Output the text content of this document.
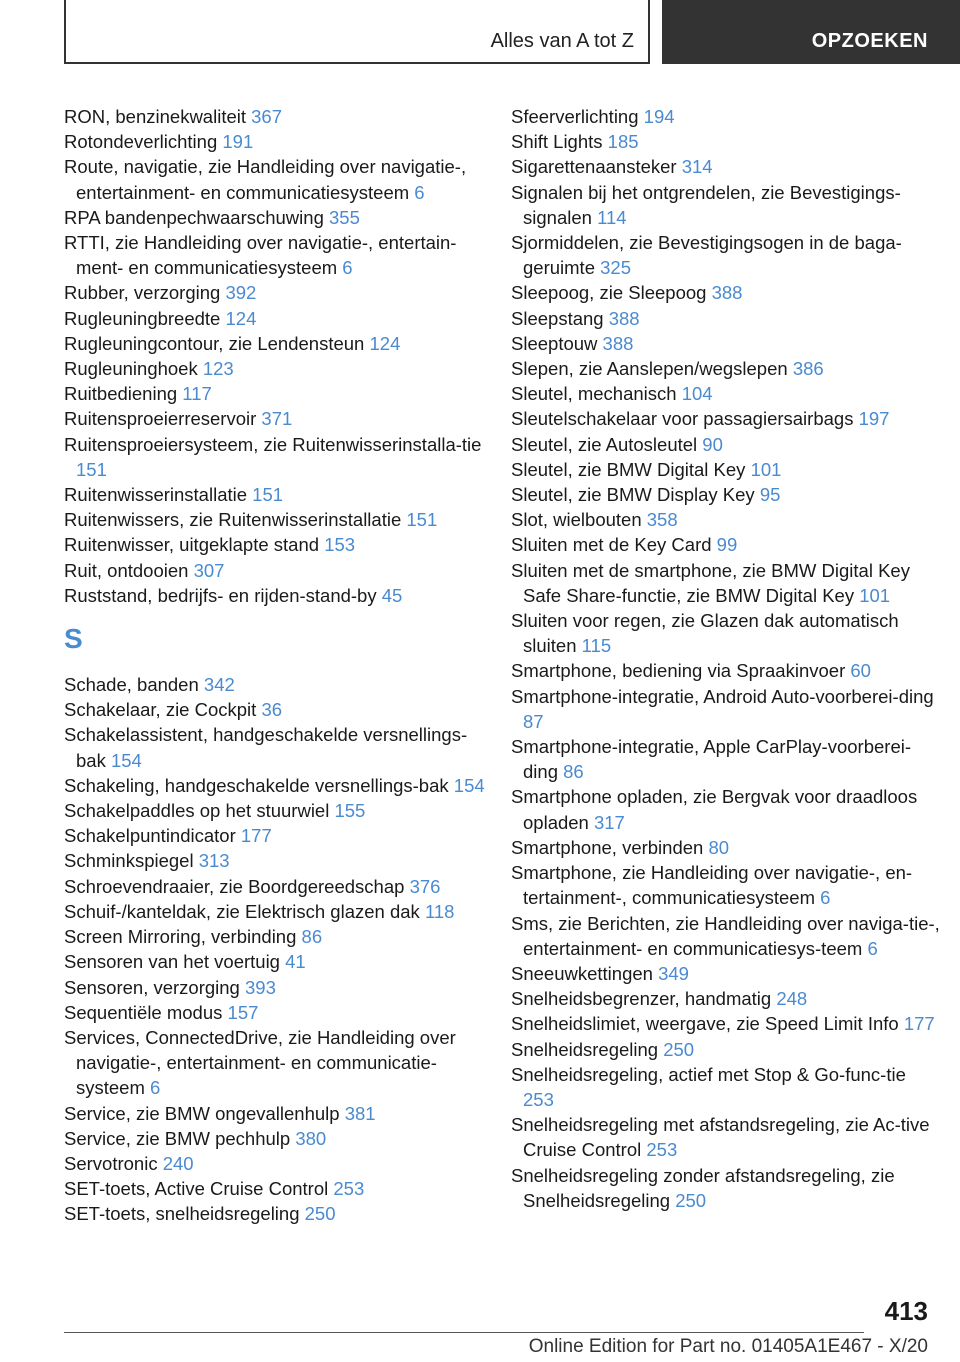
Alles van A tot Z	OPZOEKEN
RON, benzinekwaliteit 367
Rotondeverlichting 191
Route, navigatie, zie Handleiding over navigatie-, entertainment- en communicatiesysteem 6
RPA bandenpechwaarschuwing 355
RTTI, zie Handleiding over navigatie-, entertain‐ment- en communicatiesysteem 6
Rubber, verzorging 392
Rugleuningbreedte 124
Rugleuningcontour, zie Lendensteun 124
Rugleuninghoek 123
Ruitbediening 117
Ruitensproeierreservoir 371
Ruitensproeiersysteem, zie Ruitenwisserinstalla‐tie 151
Ruitenwisserinstallatie 151
Ruitenwissers, zie Ruitenwisserinstallatie 151
Ruitenwisser, uitgeklapte stand 153
Ruit, ontdooien 307
Ruststand, bedrijfs- en rijden-stand-by 45
S
Schade, banden 342
Schakelaar, zie Cockpit 36
Schakelassistent, handgeschakelde versnellings‐bak 154
Schakeling, handgeschakelde versnellings‐bak 154
Schakelpaddles op het stuurwiel 155
Schakelpuntindicator 177
Schminkspiegel 313
Schroevendraaier, zie Boordgereedschap 376
Schuif-/kanteldak, zie Elektrisch glazen dak 118
Screen Mirroring, verbinding 86
Sensoren van het voertuig 41
Sensoren, verzorging 393
Sequentiële modus 157
Services, ConnectedDrive, zie Handleiding over navigatie-, entertainment- en communicatie‐systeem 6
Service, zie BMW ongevallenhulp 381
Service, zie BMW pechhulp 380
Servotronic 240
SET-toets, Active Cruise Control 253
SET-toets, snelheidsregeling 250
Sfeerverlichting 194
Shift Lights 185
Sigarettenaansteker 314
Signalen bij het ontgrendelen, zie Bevestigings‐signalen 114
Sjormiddelen, zie Bevestigingsogen in de baga‐geruimte 325
Sleepoog, zie Sleepoog 388
Sleepstang 388
Sleeptouw 388
Slepen, zie Aanslepen/wegslepen 386
Sleutel, mechanisch 104
Sleutelschakelaar voor passagiersairbags 197
Sleutel, zie Autosleutel 90
Sleutel, zie BMW Digital Key 101
Sleutel, zie BMW Display Key 95
Slot, wielbouten 358
Sluiten met de Key Card 99
Sluiten met de smartphone, zie BMW Digital Key Safe Share-functie, zie BMW Digital Key 101
Sluiten voor regen, zie Glazen dak automatisch sluiten 115
Smartphone, bediening via Spraakinvoer 60
Smartphone-integratie, Android Auto-voorberei‐ding 87
Smartphone-integratie, Apple CarPlay-voorberei‐ding 86
Smartphone opladen, zie Bergvak voor draadloos opladen 317
Smartphone, verbinden 80
Smartphone, zie Handleiding over navigatie-, en‐tertainment-, communicatiesysteem 6
Sms, zie Berichten, zie Handleiding over naviga‐tie-, entertainment- en communicatiesys‐teem 6
Sneeuwkettingen 349
Snelheidsbegrenzer, handmatig 248
Snelheidslimiet, weergave, zie Speed Limit Info 177
Snelheidsregeling 250
Snelheidsregeling, actief met Stop & Go-func‐tie 253
Snelheidsregeling met afstandsregeling, zie Ac‐tive Cruise Control 253
Snelheidsregeling zonder afstandsregeling, zie Snelheidsregeling 250
413
Online Edition for Part no. 01405A1E467 - X/20
